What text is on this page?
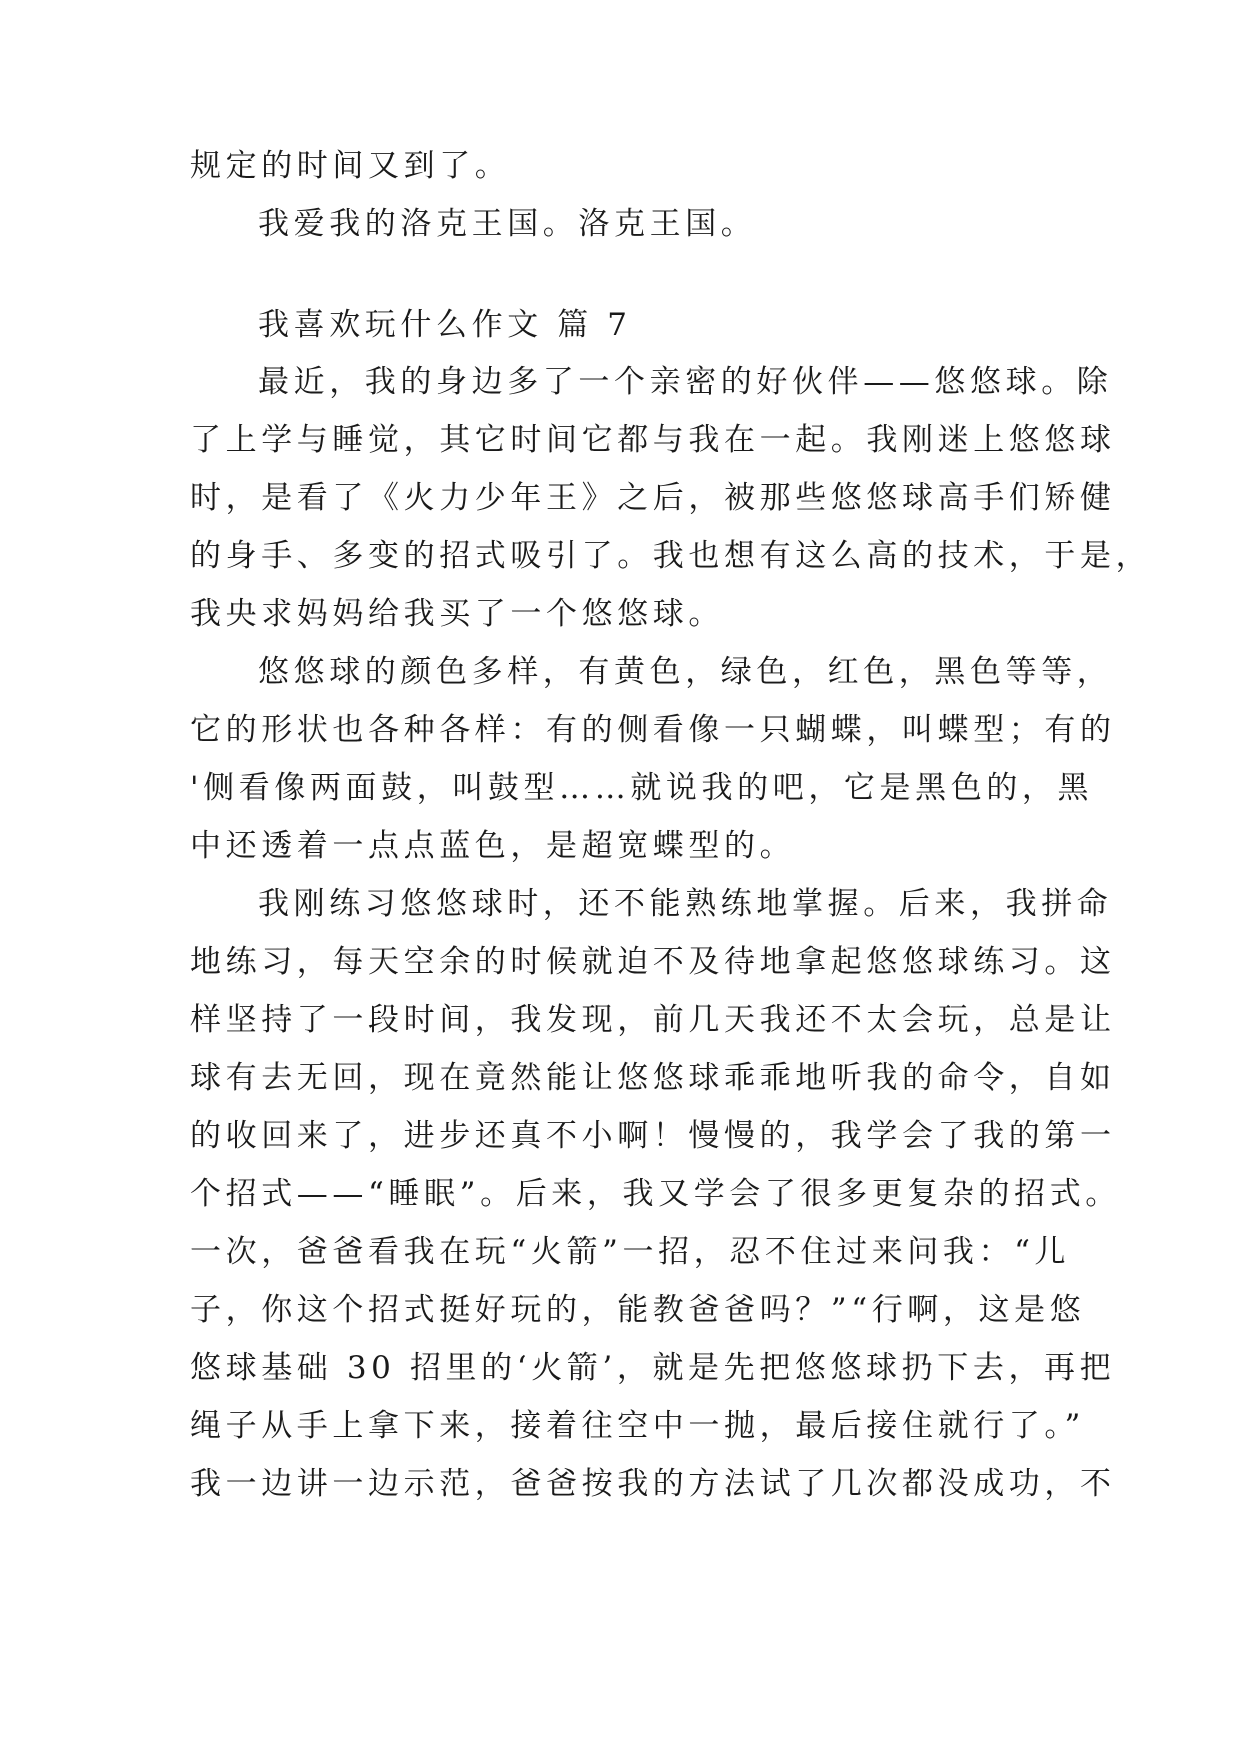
规定的时间又到了。
我爱我的洛克王国。洛克王国。
我喜欢玩什么作文 篇 7
最近，我的身边多了一个亲密的好伙伴——悠悠球。除
了上学与睡觉，其它时间它都与我在一起。我刚迷上悠悠球
时，是看了《火力少年王》之后，被那些悠悠球高手们矫健
的身手、多变的招式吸引了。我也想有这么高的技术，于是，
我央求妈妈给我买了一个悠悠球。
悠悠球的颜色多样，有黄色，绿色，红色，黑色等等，
它的形状也各种各样：有的侧看像一只蝴蝶，叫蝶型；有的
'侧看像两面鼓，叫鼓型……就说我的吧，它是黑色的，黑
中还透着一点点蓝色，是超宽蝶型的。
我刚练习悠悠球时，还不能熟练地掌握。后来，我拼命
地练习，每天空余的时候就迫不及待地拿起悠悠球练习。这
样坚持了一段时间，我发现，前几天我还不太会玩，总是让
球有去无回，现在竟然能让悠悠球乖乖地听我的命令，自如
的收回来了，进步还真不小啊！慢慢的，我学会了我的第一
个招式——“睡眠”。后来，我又学会了很多更复杂的招式。
一次，爸爸看我在玩“火箭”一招，忍不住过来问我：“儿
子，你这个招式挺好玩的，能教爸爸吗？”“行啊，这是悠
悠球基础 30 招里的‘火箭’，就是先把悠悠球扔下去，再把
绳子从手上拿下来，接着往空中一抛，最后接住就行了。”
我一边讲一边示范，爸爸按我的方法试了几次都没成功，不
